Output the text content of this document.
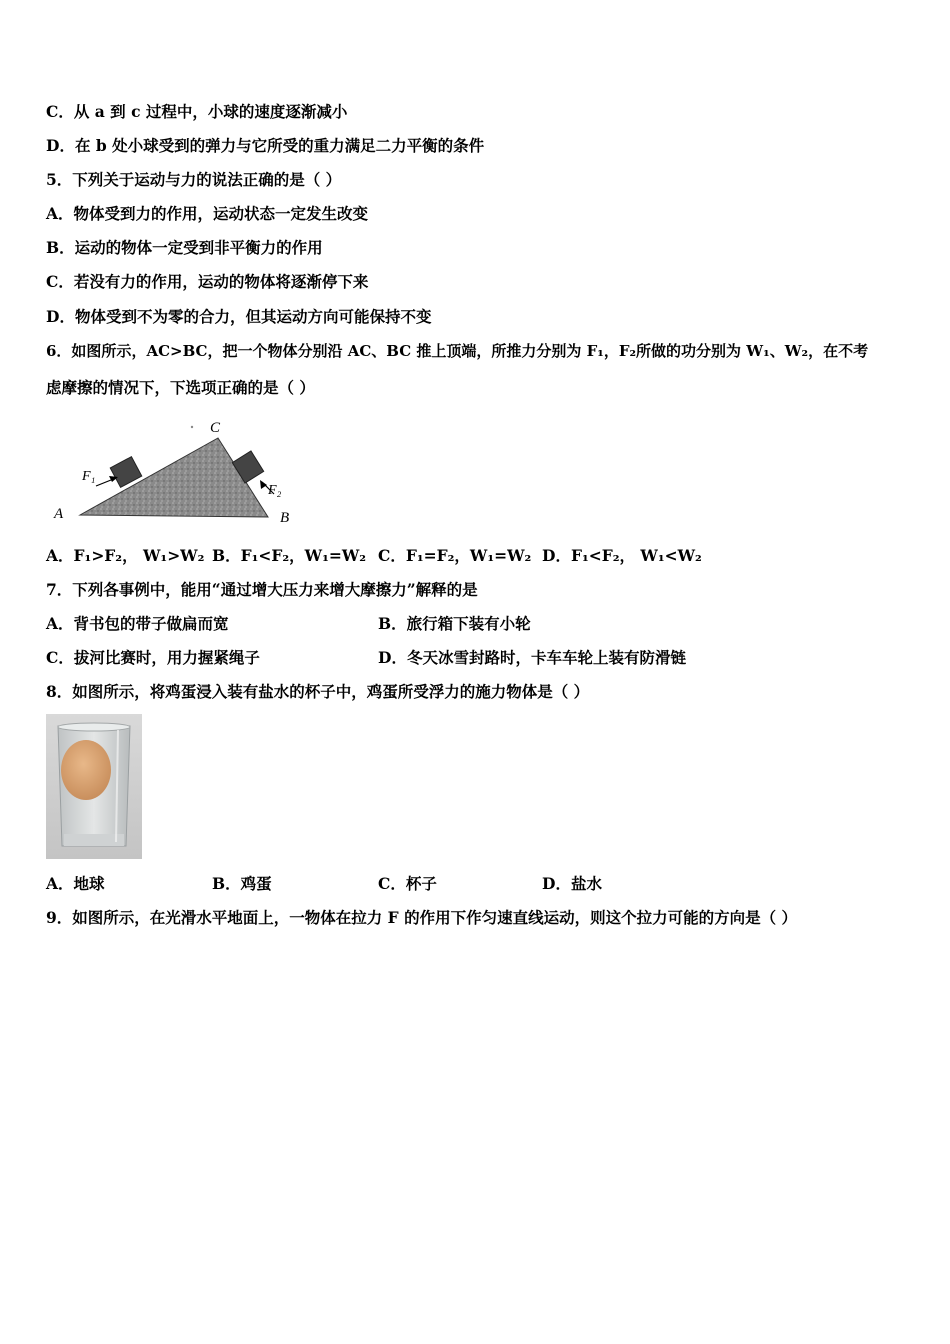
C．从 a 到 c 过程中，小球的速度逐渐减小
D．在 b 处小球受到的弹力与它所受的重力满足二力平衡的条件
5．下列关于运动与力的说法正确的是（ ）
A．物体受到力的作用，运动状态一定发生改变
B．运动的物体一定受到非平衡力的作用
C．若没有力的作用，运动的物体将逐渐停下来
D．物体受到不为零的合力，但其运动方向可能保持不变
6．如图所示，AC>BC，把一个物体分别沿 AC、BC 推上顶端，所推力分别为 F₁，F₂所做的功分别为 W₁、W₂，在不考
虑摩擦的情况下，下选项正确的是（ ）
A	B
C
F₁
F₂
A．F₁>F₂， W₁>W₂ B．F₁<F₂，W₁=W₂ C．F₁=F₂，W₁=W₂ D．F₁<F₂， W₁<W₂
7．下列各事例中，能用“通过增大压力来增大摩擦力”解释的是
A．背书包的带子做扁而宽	B．旅行箱下装有小轮
C．拔河比赛时，用力握紧绳子	D．冬天冰雪封路时，卡车车轮上装有防滑链
8．如图所示，将鸡蛋浸入装有盐水的杯子中，鸡蛋所受浮力的施力物体是（ ）
A．地球	B．鸡蛋	C．杯子	D．盐水
9．如图所示，在光滑水平地面上，一物体在拉力 F 的作用下作匀速直线运动，则这个拉力可能的方向是（ ）
